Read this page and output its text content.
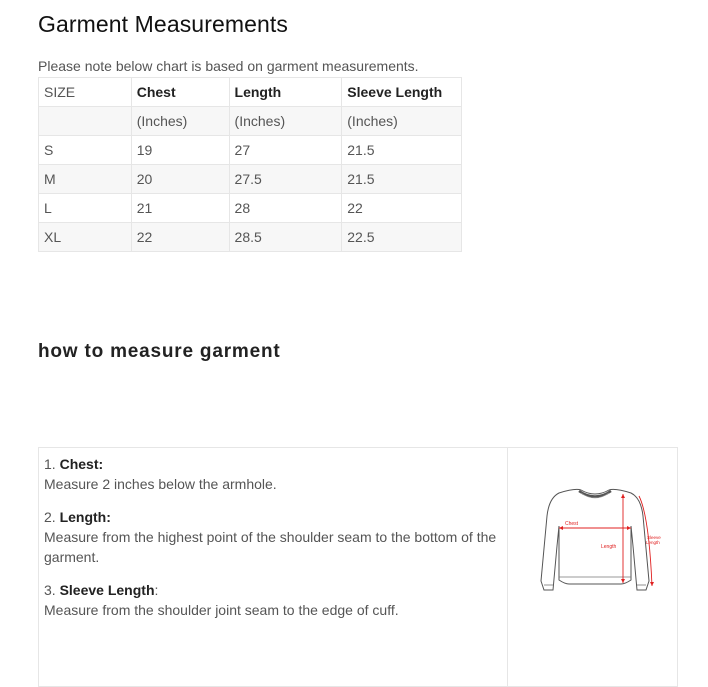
Garment Measurements

Please note below chart is based on garment measurements.

SIZE	Chest	Length	Sleeve Length
	(Inches)	(Inches)	(Inches)
S	19	27	21.5
M	20	27.5	21.5
L	21	28	22
XL	22	28.5	22.5
how to measure garment

1. Chest:
Measure 2 inches below the armhole.

2. Length:
Measure from the highest point of the shoulder seam to the bottom of the garment.

3. Sleeve Length:
Measure from the shoulder joint seam to the edge of cuff.

Chest
Length
Sleeve
Length
